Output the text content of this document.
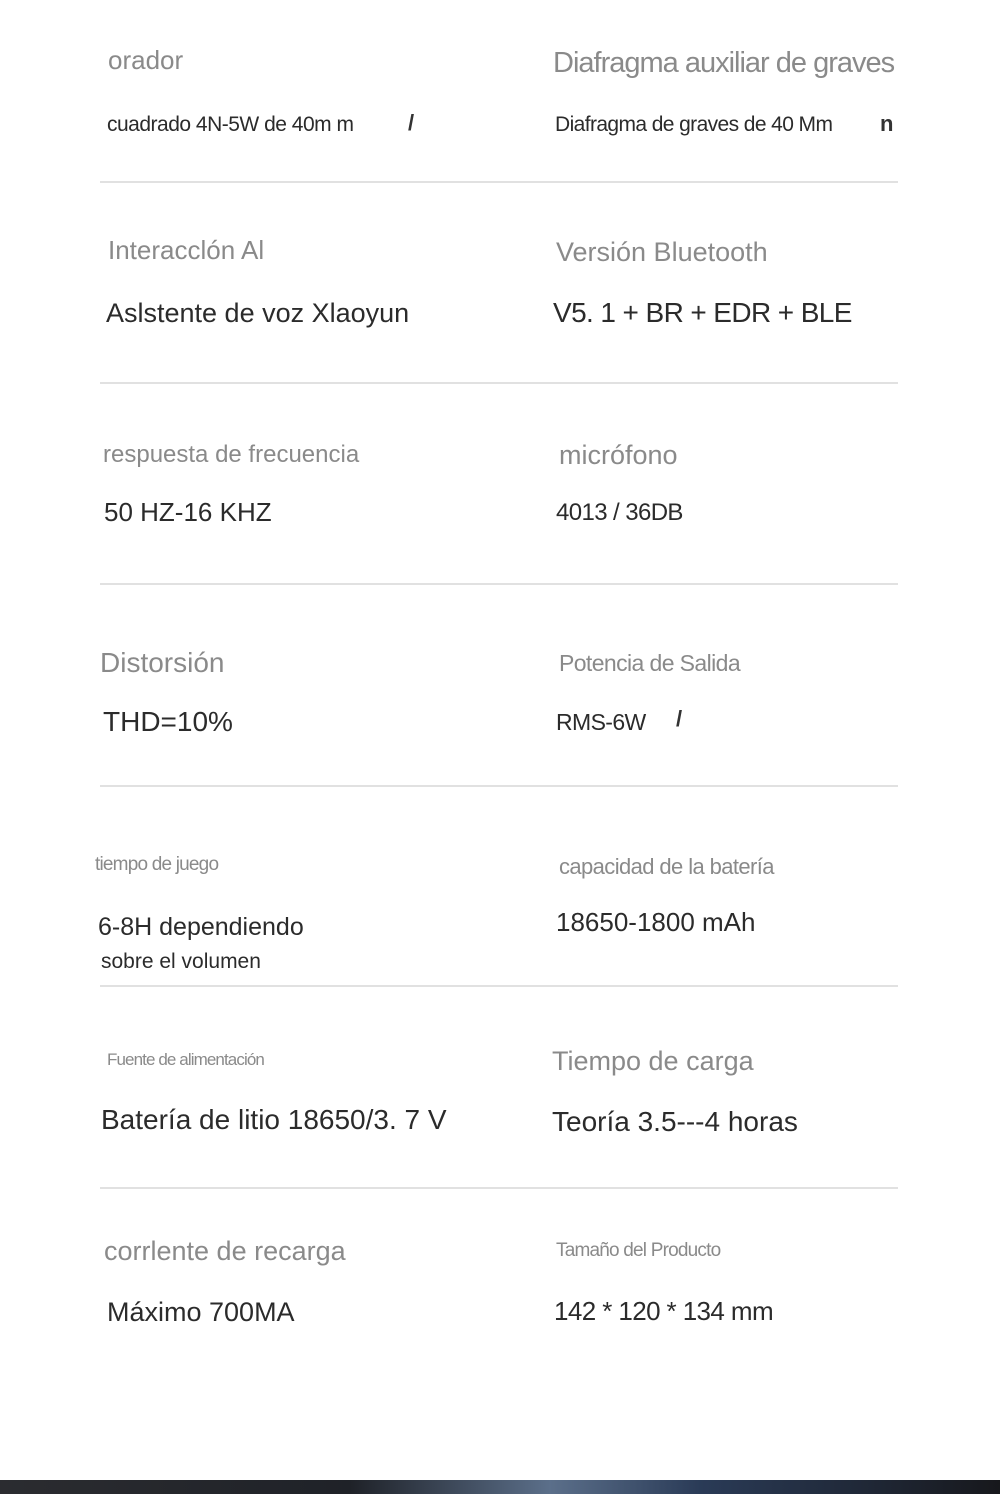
orador
cuadrado 4N-5W de 40m m /
Diafragma auxiliar de graves
Diafragma de graves de 40 Mm n
Interacclón Al
Aslstente de voz Xlaoyun
Versión Bluetooth
V5. 1 + BR + EDR + BLE
respuesta de frecuencia
50 HZ-16 KHZ
micrófono
4013 / 36DB
Distorsión
THD=10%
Potencia de Salida
RMS-6W /
tiempo de juego
6-8H dependiendo
sobre el volumen
capacidad de la batería
18650-1800 mAh
Fuente de alimentación
Batería de litio 18650/3. 7 V
Tiempo de carga
Teoría 3.5---4 horas
corrlente de recarga
Máximo 700MA
Tamaño del Producto
142 * 120 * 134 mm
